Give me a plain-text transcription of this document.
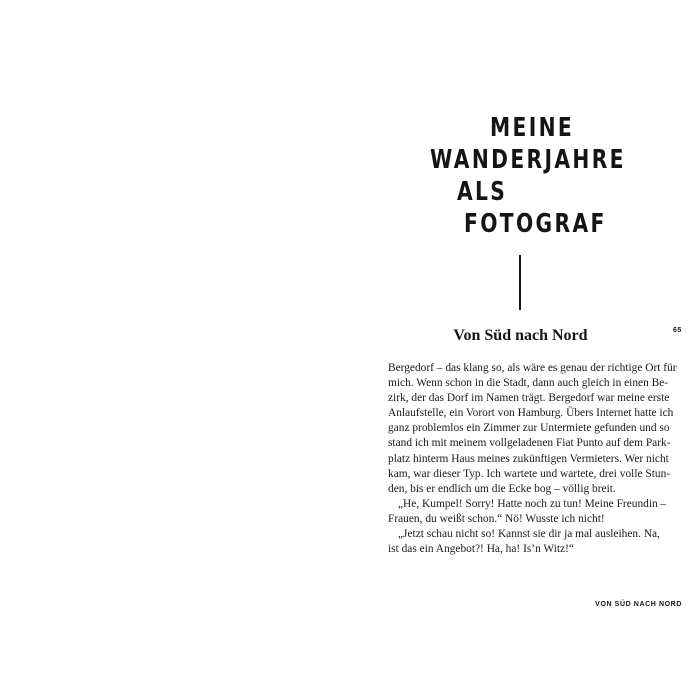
MEINE
WANDERJAHRE
ALS
FOTOGRAF
Von Süd nach Nord	65
Bergedorf – das klang so, als wäre es genau der richtige Ort für
mich. Wenn schon in die Stadt, dann auch gleich in einen Be-
zirk, der das Dorf im Namen trägt. Bergedorf war meine erste
Anlaufstelle, ein Vorort von Hamburg. Übers Internet hatte ich
ganz problemlos ein Zimmer zur Untermiete gefunden und so
stand ich mit meinem vollgeladenen Fiat Punto auf dem Park-
platz hinterm Haus meines zukünftigen Vermieters. Wer nicht
kam, war dieser Typ. Ich wartete und wartete, drei volle Stun-
den, bis er endlich um die Ecke bog – völlig breit.
„He, Kumpel! Sorry! Hatte noch zu tun! Meine Freundin –
Frauen, du weißt schon.“ Nö! Wusste ich nicht!
„Jetzt schau nicht so! Kannst sie dir ja mal ausleihen. Na,
ist das ein Angebot?! Ha, ha! Is’n Witz!“
VON SÜD NACH NORD
